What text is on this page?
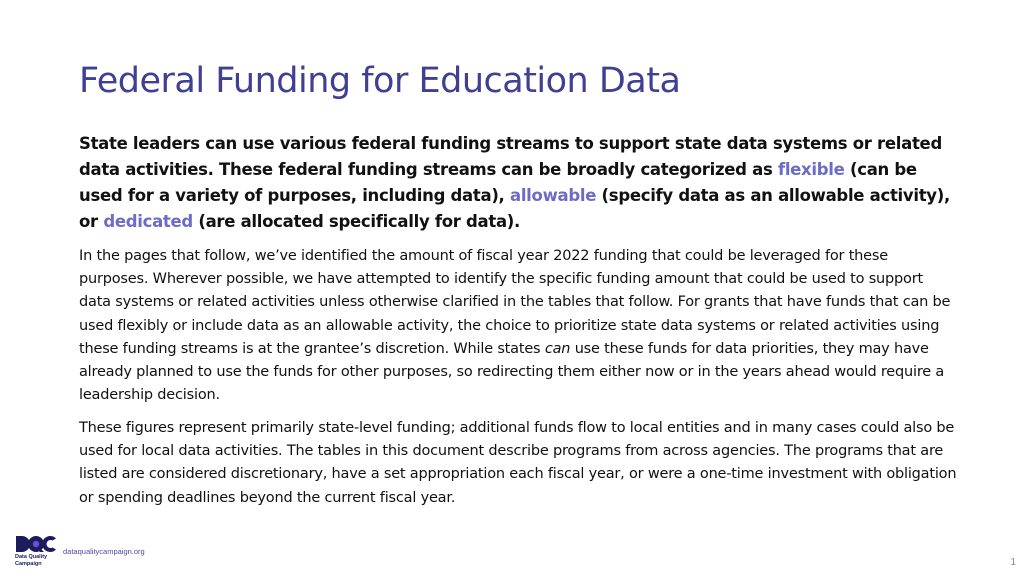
Federal Funding for Education Data

State leaders can use various federal funding streams to support state data systems or related data activities. These federal funding streams can be broadly categorized as flexible (can be used for a variety of purposes, including data), allowable (specify data as an allowable activity), or dedicated (are allocated specifically for data).

In the pages that follow, we’ve identified the amount of fiscal year 2022 funding that could be leveraged for these purposes. Wherever possible, we have attempted to identify the specific funding amount that could be used to support data systems or related activities unless otherwise clarified in the tables that follow. For grants that have funds that can be used flexibly or include data as an allowable activity, the choice to prioritize state data systems or related activities using these funding streams is at the grantee’s discretion. While states can use these funds for data priorities, they may have already planned to use the funds for other purposes, so redirecting them either now or in the years ahead would require a leadership decision.

These figures represent primarily state-level funding; additional funds flow to local entities and in many cases could also be used for local data activities. The tables in this document describe programs from across agencies. The programs that are listed are considered discretionary, have a set appropriation each fiscal year, or were a one-time investment with obligation or spending deadlines beyond the current fiscal year.

Data Quality
Campaign
dataqualitycampaign.org
1
